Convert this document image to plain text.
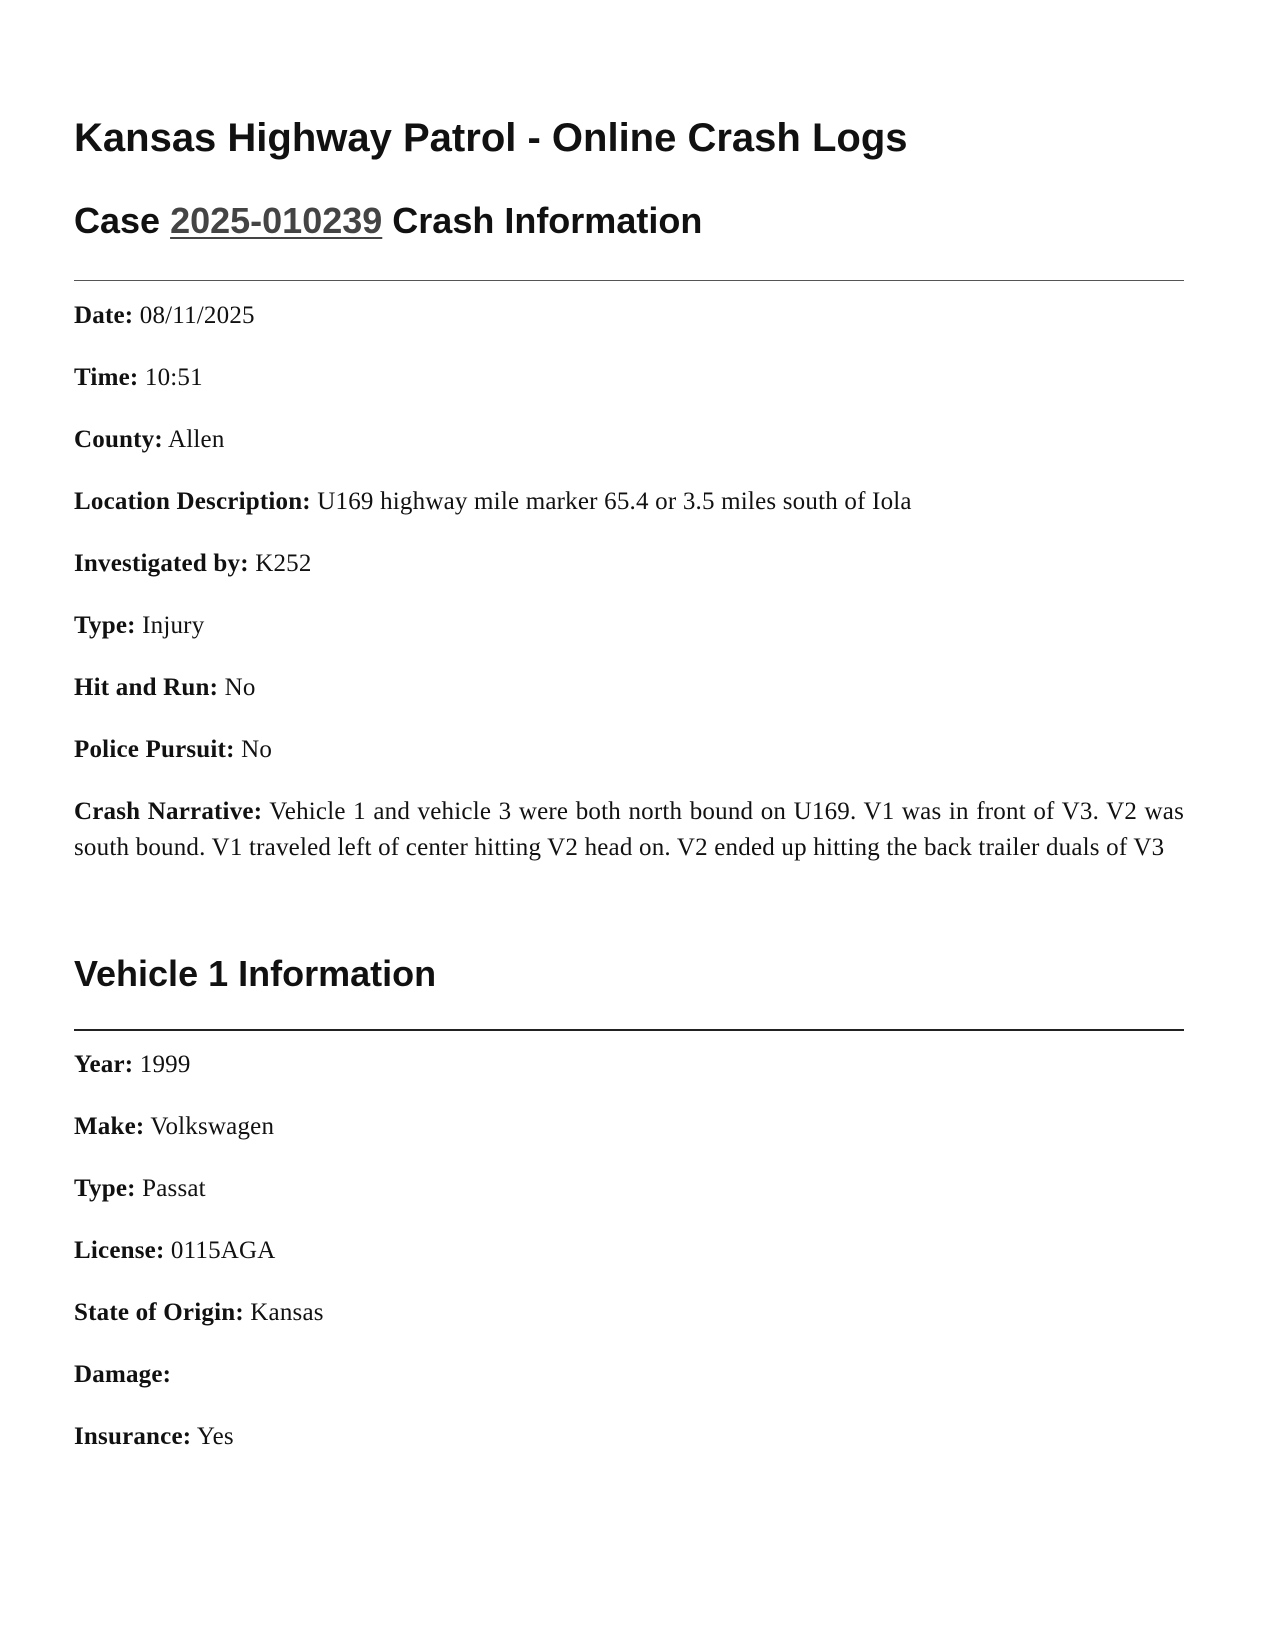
Kansas Highway Patrol - Online Crash Logs
Case 2025-010239 Crash Information

Date: 08/11/2025

Time: 10:51

County: Allen

Location Description: U169 highway mile marker 65.4 or 3.5 miles south of Iola

Investigated by: K252

Type: Injury

Hit and Run: No

Police Pursuit: No

Crash Narrative: Vehicle 1 and vehicle 3 were both north bound on U169. V1 was in front of V3. V2 was south bound. V1 traveled left of center hitting V2 head on. V2 ended up hitting the back trailer duals of V3

Vehicle 1 Information

Year: 1999

Make: Volkswagen

Type: Passat

License: 0115AGA

State of Origin: Kansas

Damage:

Insurance: Yes
